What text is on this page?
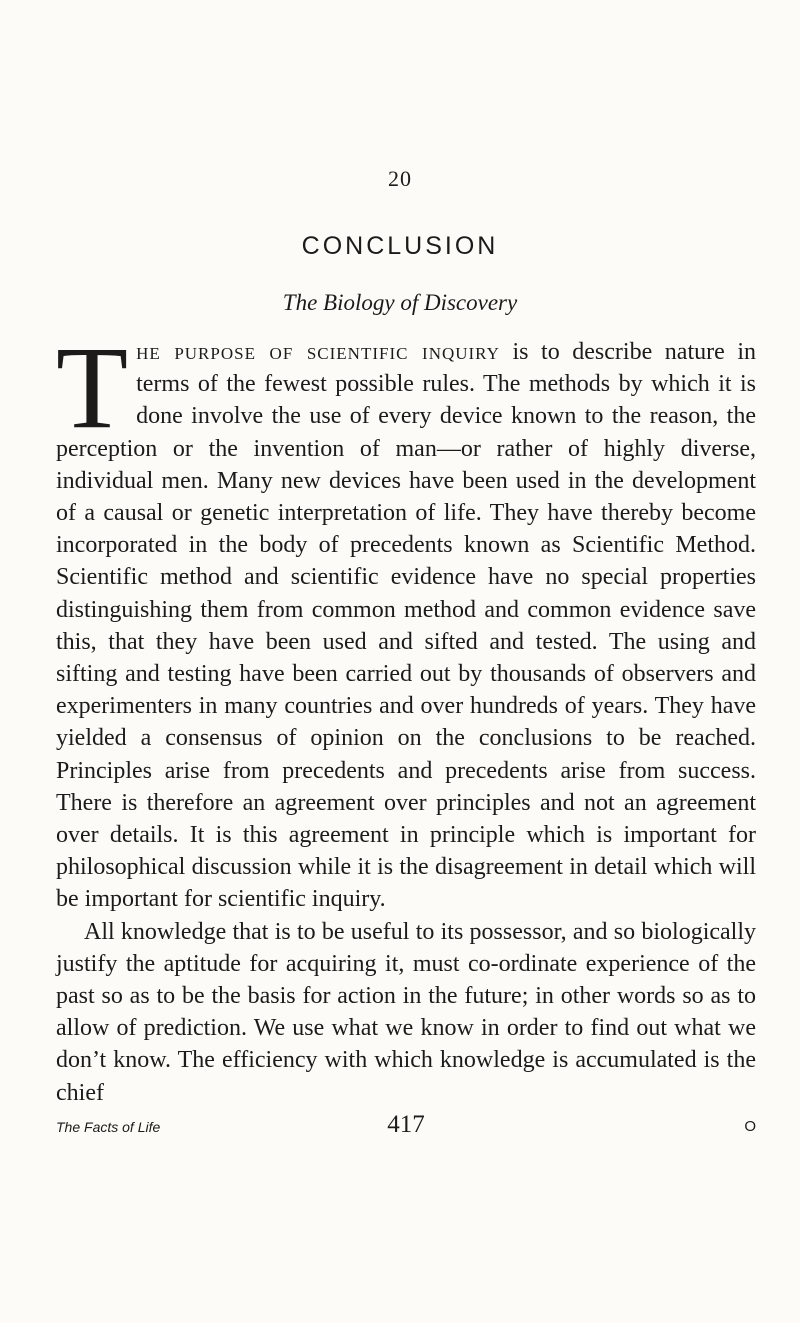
20
CONCLUSION
The Biology of Discovery

The purpose of scientific inquiry is to describe nature in terms of the fewest possible rules. The methods by which it is done involve the use of every device known to the reason, the perception or the invention of man—or rather of highly diverse, individual men. Many new devices have been used in the development of a causal or genetic interpretation of life. They have thereby become incorporated in the body of precedents known as Scientific Method. Scientific method and scientific evidence have no special properties distinguishing them from common method and common evidence save this, that they have been used and sifted and tested. The using and sifting and testing have been carried out by thousands of observers and experimenters in many countries and over hundreds of years. They have yielded a consensus of opinion on the conclusions to be reached. Principles arise from precedents and precedents arise from success. There is therefore an agreement over principles and not an agreement over details. It is this agreement in principle which is important for philosophical discussion while it is the disagreement in detail which will be important for scientific inquiry.

All knowledge that is to be useful to its possessor, and so biologically justify the aptitude for acquiring it, must co-ordinate experience of the past so as to be the basis for action in the future; in other words so as to allow of prediction. We use what we know in order to find out what we don’t know. The efficiency with which knowledge is accumulated is the chief

The Facts of Life	417	O
